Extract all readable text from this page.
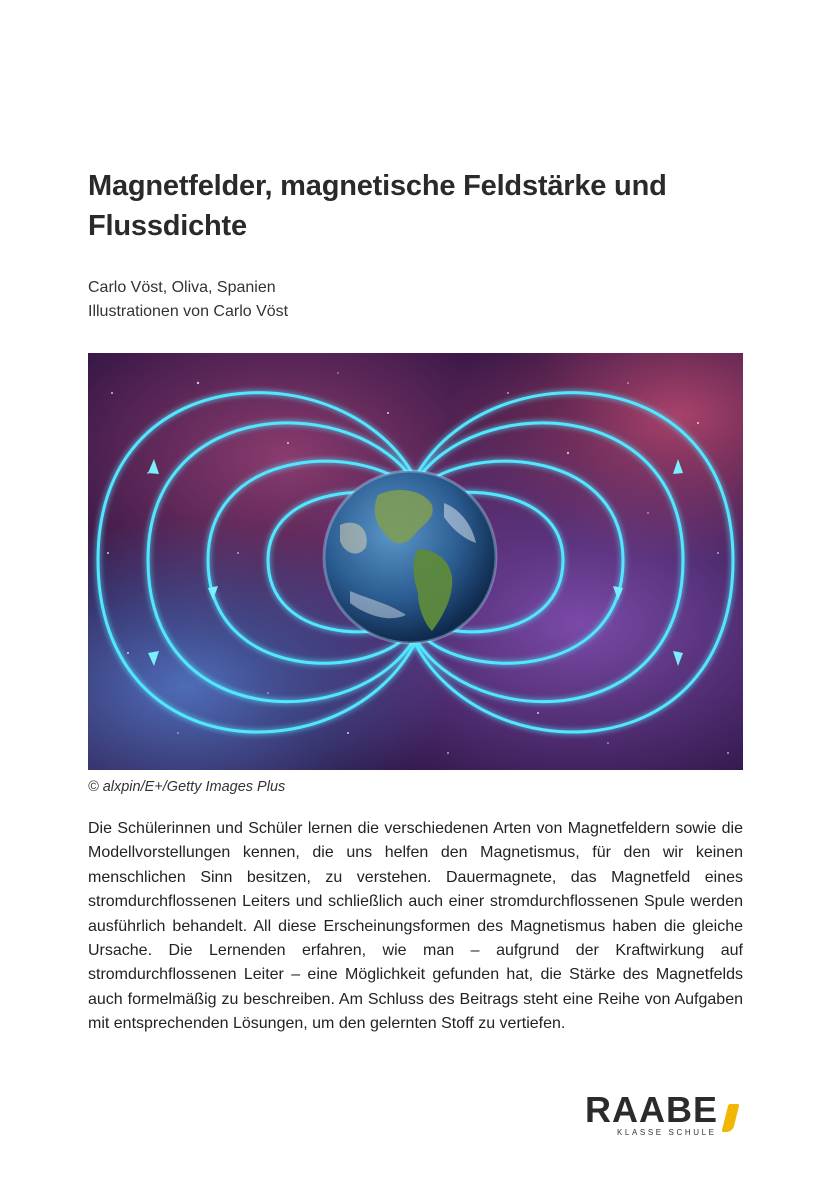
Magnetfelder, magnetische Feldstärke und Flussdichte
Carlo Vöst, Oliva, Spanien
Illustrationen von Carlo Vöst
© alxpin/E+/Getty Images Plus

Die Schülerinnen und Schüler lernen die verschiedenen Arten von Magnetfeldern sowie die Modellvorstellungen kennen, die uns helfen den Magnetismus, für den wir keinen menschlichen Sinn besitzen, zu verstehen. Dauermagnete, das Magnetfeld eines stromdurchflossenen Leiters und schließlich auch einer stromdurchflossenen Spule werden ausführlich behandelt. All diese Erscheinungsformen des Magnetismus haben die gleiche Ursache. Die Lernenden erfahren, wie man – aufgrund der Kraftwirkung auf stromdurchflossenen Leiter – eine Möglichkeit gefunden hat, die Stärke des Magnetfelds auch formelmäßig zu beschreiben. Am Schluss des Beitrags steht eine Reihe von Aufgaben mit entsprechenden Lösungen, um den gelernten Stoff zu vertiefen.

RAABE
KLASSE SCHULE
